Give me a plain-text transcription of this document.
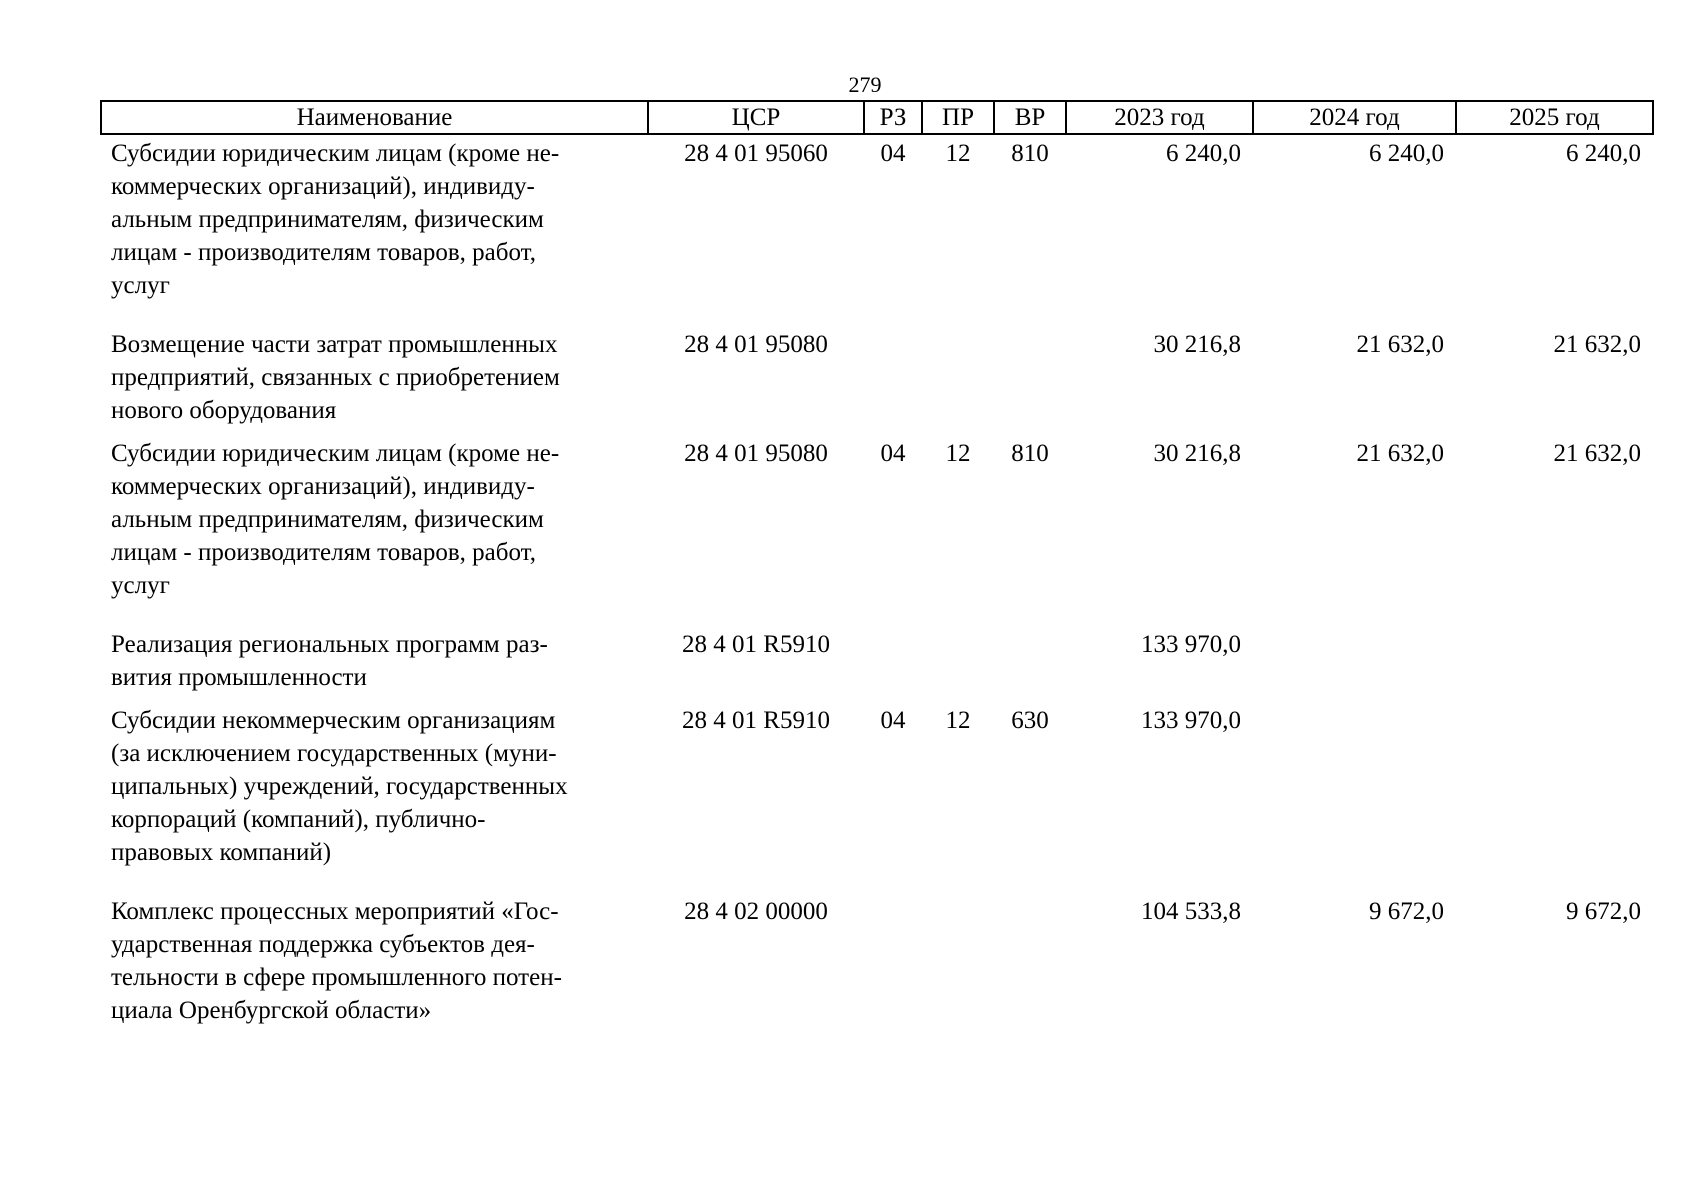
279
Наименование	ЦСР	РЗ	ПР	ВР	2023 год	2024 год	2025 год
Субсидии юридическим лицам (кроме не-
коммерческих организаций), индивиду-
альным предпринимателям, физическим
лицам - производителям товаров, работ,
услуг	28 4 01 95060	04	12	810	6 240,0	6 240,0	6 240,0
Возмещение части затрат промышленных
предприятий, связанных с приобретением
нового оборудования	28 4 01 95080				30 216,8	21 632,0	21 632,0
Субсидии юридическим лицам (кроме не-
коммерческих организаций), индивиду-
альным предпринимателям, физическим
лицам - производителям товаров, работ,
услуг	28 4 01 95080	04	12	810	30 216,8	21 632,0	21 632,0
Реализация региональных программ раз-
вития промышленности	28 4 01 R5910				133 970,0		
Субсидии некоммерческим организациям
(за исключением государственных (муни-
ципальных) учреждений, государственных
корпораций (компаний), публично-
правовых компаний)	28 4 01 R5910	04	12	630	133 970,0		
Комплекс процессных мероприятий «Гос-
ударственная поддержка субъектов дея-
тельности в сфере промышленного потен-
циала Оренбургской области»	28 4 02 00000				104 533,8	9 672,0	9 672,0
